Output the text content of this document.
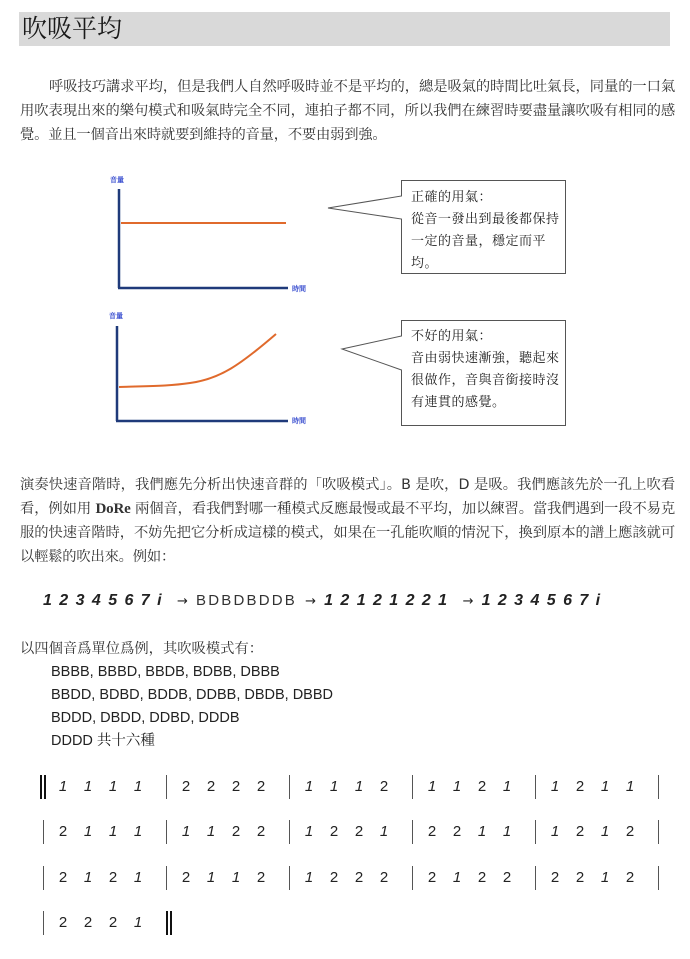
吹吸平均
呼吸技巧講求平均，但是我們人自然呼吸時並不是平均的，總是吸氣的時間比吐氣長，同量的一口氣用吹表現出來的樂句模式和吸氣時完全不同，連拍子都不同，所以我們在練習時要盡量讓吹吸有相同的感覺。並且一個音出來時就要到維持的音量，不要由弱到強。
音量
時間
正確的用氣：
從音一發出到最後都保持
一定的音量，穩定而平
均。
音量
時間
不好的用氣：
音由弱快速漸強，聽起來
很做作，音與音銜接時沒
有連貫的感覺。
演奏快速音階時，我們應先分析出快速音群的「吹吸模式」。B 是吹，D 是吸。我們應該先於一孔上吹看看，例如用 DoRe 兩個音，看我們對哪一種模式反應最慢或最不平均，加以練習。當我們遇到一段不易克服的快速音階時，不妨先把它分析成這樣的模式，如果在一孔能吹順的情況下，換到原本的譜上應該就可以輕鬆的吹出來。例如：
1234567i → BDBDBDDB → 12121221 → 1234567i
以四個音爲單位爲例，其吹吸模式有：
BBBB, BBBD, BBDB, BDBB, DBBB
BBDD, BDBD, BDDB, DDBB, DBDB, DBBD
BDDD, DBDD, DDBD, DDDB
DDDD 共十六種
1 1 1 1	2 2 2 2	1 1 1 2	1 1 2 1	1 2 1 1
2 1 1 1	1 1 2 2	1 2 2 1	2 2 1 1	1 2 1 2
2 1 2 1	2 1 1 2	1 2 2 2	2 1 2 2	2 2 1 2
2 2 2 1
